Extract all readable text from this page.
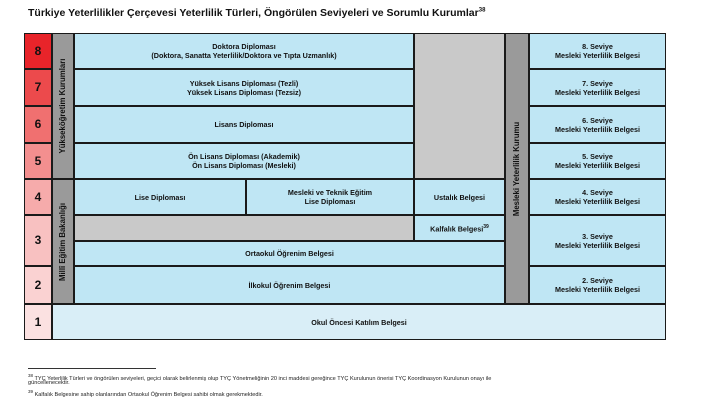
Türkiye Yeterlilikler Çerçevesi Yeterlilik Türleri, Öngörülen Seviyeleri ve Sorumlu Kurumlar$^{38}$
8
7
6
5
4
3
2
1
Yükseköğretim Kurumları
Millî Eğitim Bakanlığı
Doktora Diploması
(Doktora, Sanatta Yeterlilik/Doktora ve Tıpta Uzmanlık)
Yüksek Lisans Diploması (Tezli)
Yüksek Lisans Diploması (Tezsiz)
Lisans Diploması
Ön Lisans Diploması (Akademik)
Ön Lisans Diploması (Mesleki)
Lise Diploması	Mesleki ve Teknik Eğitim
Lise Diploması	Ustalık Belgesi
Kalfalık Belgesi$^{39}$
Ortaokul Öğrenim Belgesi
İlkokul Öğrenim Belgesi
Okul Öncesi Katılım Belgesi
Mesleki Yeterlilik Kurumu
8. Seviye
Mesleki Yeterlilik Belgesi
7. Seviye
Mesleki Yeterlilik Belgesi
6. Seviye
Mesleki Yeterlilik Belgesi
5. Seviye
Mesleki Yeterlilik Belgesi
4. Seviye
Mesleki Yeterlilik Belgesi
3. Seviye
Mesleki Yeterlilik Belgesi
2. Seviye
Mesleki Yeterlilik Belgesi
$^{38}$ TYÇ Yeterlilik Türleri ve öngörülen seviyeleri, geçici olarak belirlenmiş olup TYÇ Yönetmeliğinin 20 inci maddesi gereğince TYÇ Kurulunun önerisi TYÇ Koordinasyon Kurulunun onayı ile
güncellenecektir.
$^{39}$ Kalfalık Belgesine sahip olanlarından Ortaokul Öğrenim Belgesi sahibi olmak gerekmektedir.
